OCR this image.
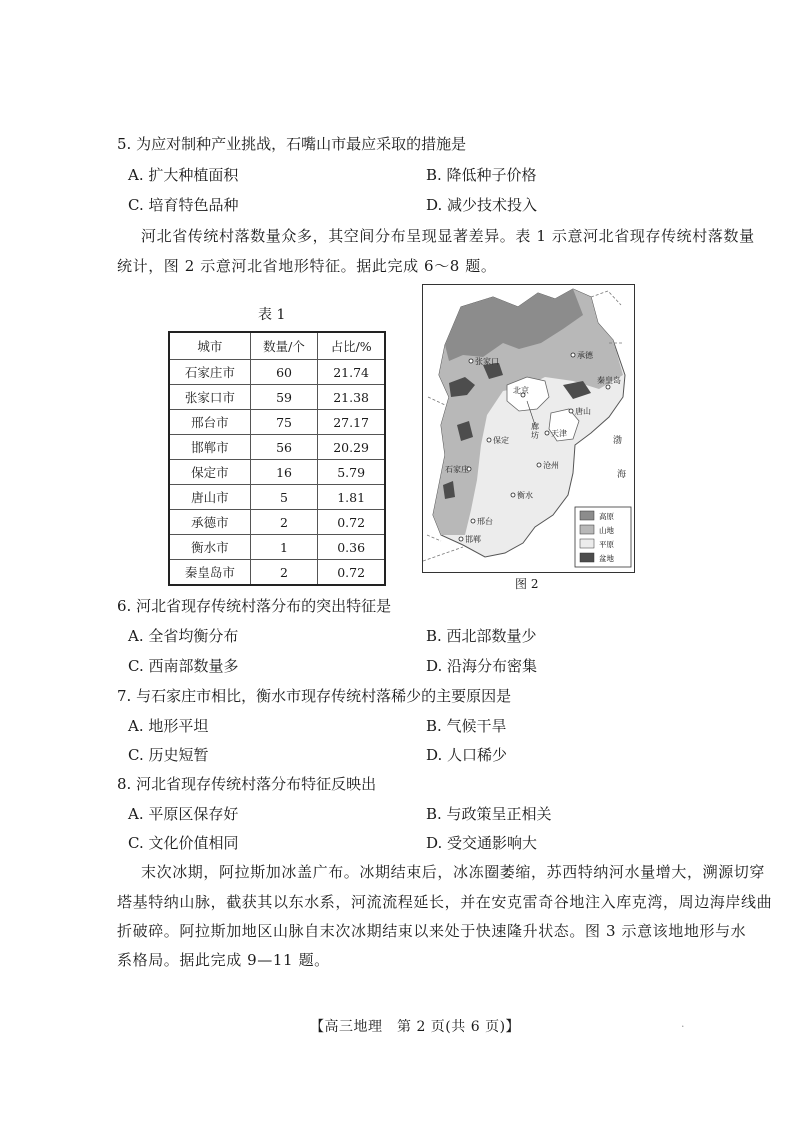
5. 为应对制种产业挑战，石嘴山市最应采取的措施是
A. 扩大种植面积	B. 降低种子价格
C. 培育特色品种	D. 减少技术投入
河北省传统村落数量众多，其空间分布呈现显著差异。表 1 示意河北省现存传统村落数量
统计，图 2 示意河北省地形特征。据此完成 6～8 题。
表 1
城市	数量/个	占比/%
石家庄市	60	21.74
张家口市	59	21.38
邢台市	75	27.17
邯郸市	56	20.29
保定市	16	5.79
唐山市	5	1.81
承德市	2	0.72
衡水市	1	0.36
秦皇岛市	2	0.72
张家口
承德
北京
秦皇岛
唐山
廊
坊 天津
保定	渤
石家庄	沧州
海
衡水
邢台
邯郸
高原
山地
平原
盆地
图 2
6. 河北省现存传统村落分布的突出特征是
A. 全省均衡分布	B. 西北部数量少
C. 西南部数量多	D. 沿海分布密集
7. 与石家庄市相比，衡水市现存传统村落稀少的主要原因是
A. 地形平坦	B. 气候干旱
C. 历史短暂	D. 人口稀少
8. 河北省现存传统村落分布特征反映出
A. 平原区保存好	B. 与政策呈正相关
C. 文化价值相同	D. 受交通影响大
末次冰期，阿拉斯加冰盖广布。冰期结束后，冰冻圈萎缩，苏西特纳河水量增大，溯源切穿
塔基特纳山脉，截获其以东水系，河流流程延长，并在安克雷奇谷地注入库克湾，周边海岸线曲
折破碎。阿拉斯加地区山脉自末次冰期结束以来处于快速隆升状态。图 3 示意该地地形与水
系格局。据此完成 9—11 题。
【高三地理　第 2 页(共 6 页)】	·
